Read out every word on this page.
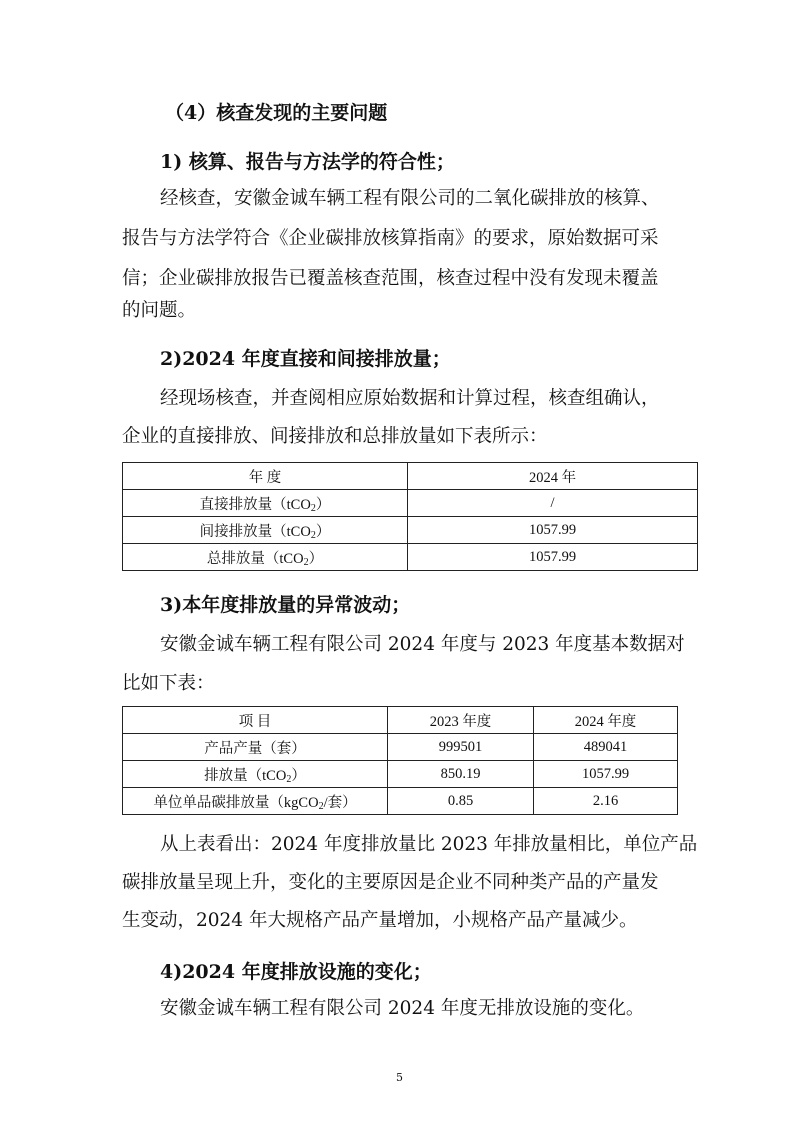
（4）核查发现的主要问题
1) 核算、报告与方法学的符合性；
经核查，安徽金诚车辆工程有限公司的二氧化碳排放的核算、
报告与方法学符合《企业碳排放核算指南》的要求，原始数据可采
信；企业碳排放报告已覆盖核查范围，核查过程中没有发现未覆盖
的问题。
2)2024 年度直接和间接排放量；
经现场核查，并查阅相应原始数据和计算过程，核查组确认，
企业的直接排放、间接排放和总排放量如下表所示：
年 度	2024 年
直接排放量（tCO$_2$）	/
间接排放量（tCO$_2$）	1057.99
总排放量（tCO$_2$）	1057.99
3)本年度排放量的异常波动；
安徽金诚车辆工程有限公司 2024 年度与 2023 年度基本数据对
比如下表：
项 目	2023 年度	2024 年度
产品产量（套）	999501	489041
排放量（tCO$_2$）	850.19	1057.99
单位单品碳排放量（kgCO$_2$/套）	0.85	2.16
从上表看出：2024 年度排放量比 2023 年排放量相比，单位产品
碳排放量呈现上升，变化的主要原因是企业不同种类产品的产量发
生变动，2024 年大规格产品产量增加，小规格产品产量减少。
4)2024 年度排放设施的变化；
安徽金诚车辆工程有限公司 2024 年度无排放设施的变化。
5
